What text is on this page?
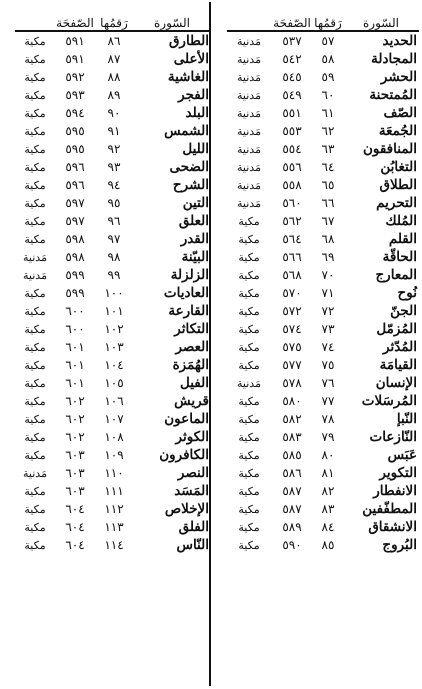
السّورة	رَقمُها	الصّفحَة	
الحديد	٥٧	٥٣٧	مَدنية
المجادلة	٥٨	٥٤٢	مَدنية
الحشر	٥٩	٥٤٥	مَدنية
المُمتحنة	٦٠	٥٤٩	مَدنية
الصّف	٦١	٥٥١	مَدنية
الجُمعَة	٦٢	٥٥٣	مَدنية
المنافقون	٦٣	٥٥٤	مَدنية
التغابُن	٦٤	٥٥٦	مَدنية
الطلاق	٦٥	٥٥٨	مَدنية
التحريم	٦٦	٥٦٠	مَدنية
المُلك	٦٧	٥٦٢	مكية
القلم	٦٨	٥٦٤	مكية
الحاقّة	٦٩	٥٦٦	مكية
المعارج	٧٠	٥٦٨	مكية
نُوح	٧١	٥٧٠	مكية
الجنّ	٧٢	٥٧٢	مكية
المُزمّل	٧٣	٥٧٤	مكية
المُدّثر	٧٤	٥٧٥	مكية
القيامَة	٧٥	٥٧٧	مكية
الإنسان	٧٦	٥٧٨	مَدنية
المُرسَلات	٧٧	٥٨٠	مكية
النّبإ	٧٨	٥٨٢	مكية
النّازعات	٧٩	٥٨٣	مكية
عَبَس	٨٠	٥٨٥	مكية
التكوير	٨١	٥٨٦	مكية
الانفطار	٨٢	٥٨٧	مكية
المطفّفين	٨٣	٥٨٧	مكية
الانشقاق	٨٤	٥٨٩	مكية
البُروج	٨٥	٥٩٠	مكية
السّورة	رَقمُها	الصّفحَة	
الطارق	٨٦	٥٩١	مكية
الأعلى	٨٧	٥٩١	مكية
الغاشية	٨٨	٥٩٢	مكية
الفجر	٨٩	٥٩٣	مكية
البلد	٩٠	٥٩٤	مكية
الشمس	٩١	٥٩٥	مكية
الليل	٩٢	٥٩٥	مكية
الضحى	٩٣	٥٩٦	مكية
الشرح	٩٤	٥٩٦	مكية
التين	٩٥	٥٩٧	مكية
العلق	٩٦	٥٩٧	مكية
القدر	٩٧	٥٩٨	مكية
البيّنة	٩٨	٥٩٨	مَدنية
الزلزلة	٩٩	٥٩٩	مَدنية
العاديات	١٠٠	٥٩٩	مكية
القارعة	١٠١	٦٠٠	مكية
التكاثر	١٠٢	٦٠٠	مكية
العصر	١٠٣	٦٠١	مكية
الهُمَزة	١٠٤	٦٠١	مكية
الفيل	١٠٥	٦٠١	مكية
قريش	١٠٦	٦٠٢	مكية
الماعون	١٠٧	٦٠٢	مكية
الكوثر	١٠٨	٦٠٢	مكية
الكافرون	١٠٩	٦٠٣	مكية
النصر	١١٠	٦٠٣	مَدنية
المَسَد	١١١	٦٠٣	مكية
الإخلاص	١١٢	٦٠٤	مكية
الفلق	١١٣	٦٠٤	مكية
النّاس	١١٤	٦٠٤	مكية
